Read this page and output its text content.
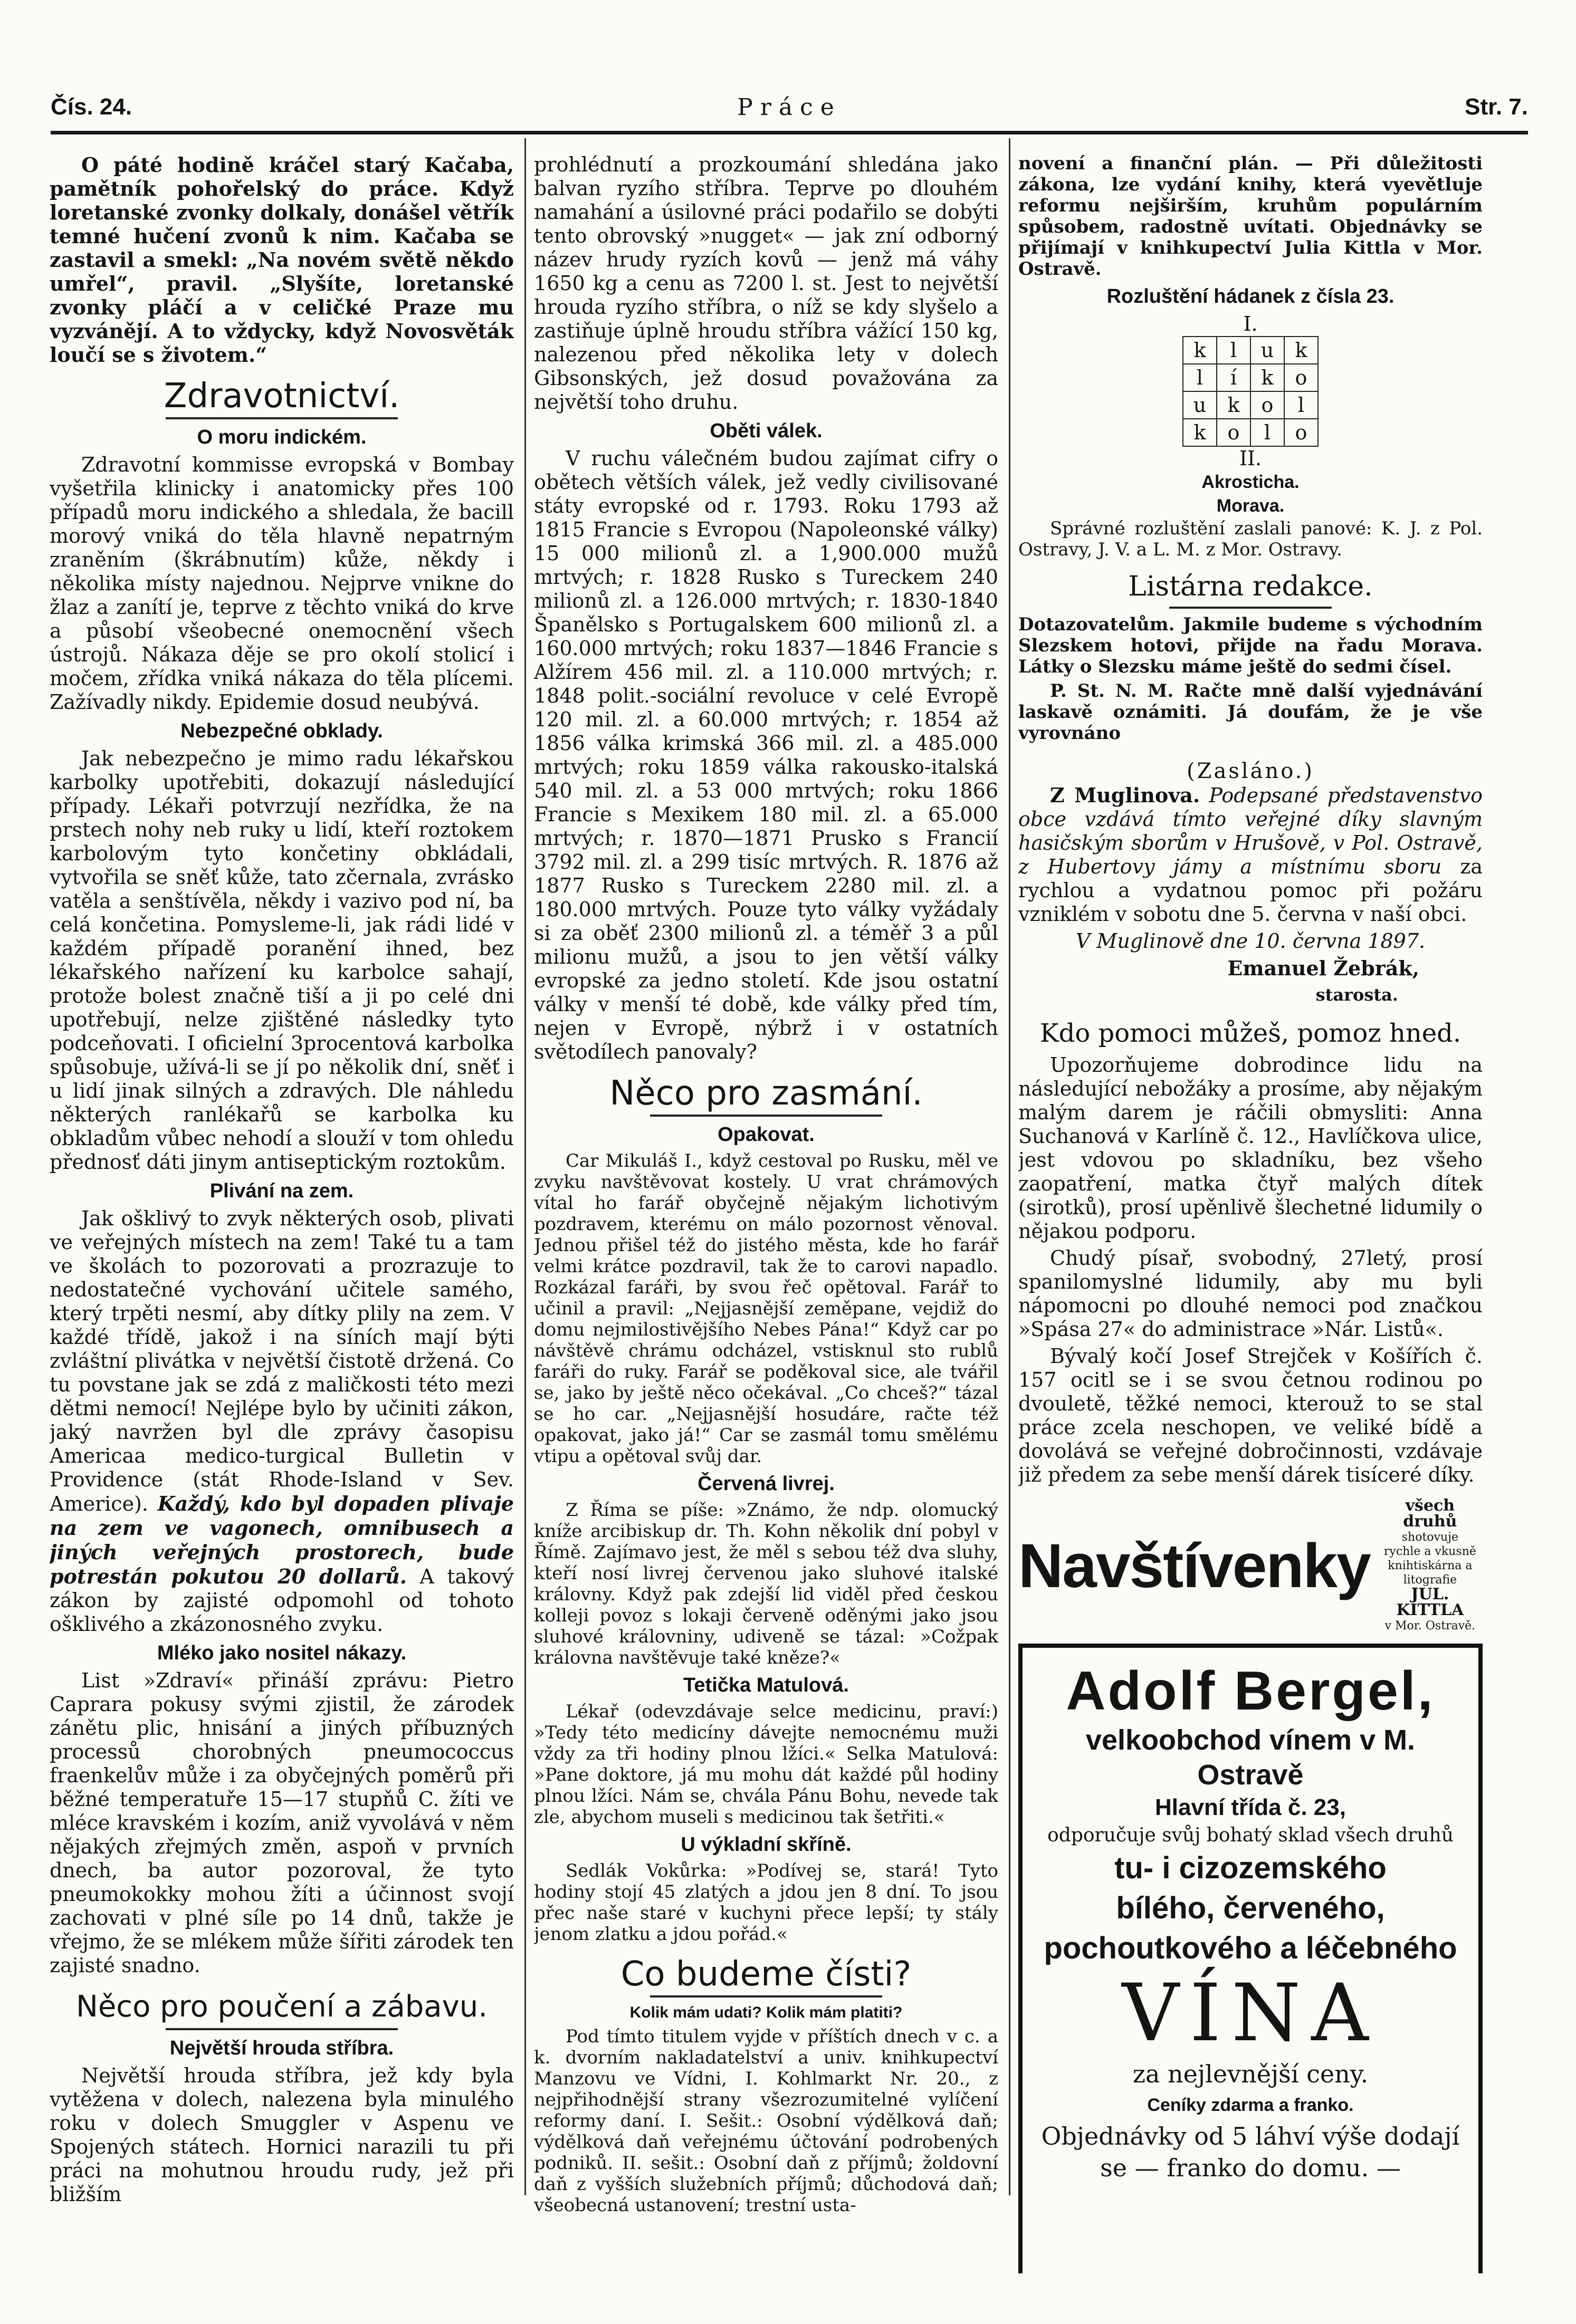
Čís. 24.	Práce	Str. 7.

O páté hodině kráčel starý Kačaba, pamětník pohořelský do práce. Když loretanské zvonky dolkaly, donášel větřík temné hučení zvonů k nim. Kačaba se zastavil a smekl: „Na novém světě někdo umřel“, pravil. „Slyšíte, loretanské zvonky pláčí a v celičké Praze mu vyzvánějí. A to vždycky, když Novosvěták loučí se s životem.“

Zdravotnictví.
O moru indickém.

Zdravotní kommisse evropská v Bombay vyšetřila klinicky i anatomicky přes 100 případů moru indického a shledala, že bacill morový vniká do těla hlavně nepatrným zraněním (škrábnutím) kůže, někdy i několika místy najednou. Nejprve vnikne do žlaz a zanítí je, teprve z těchto vniká do krve a působí všeobecné onemocnění všech ústrojů. Nákaza děje se pro okolí stolicí i močem, zřídka vniká nákaza do těla plícemi. Zažívadly nikdy. Epidemie dosud neubývá.

Nebezpečné obklady.

Jak nebezpečno je mimo radu lékařskou karbolky upotřebiti, dokazují následující případy. Lékaři potvrzují nezřídka, že na prstech nohy neb ruky u lidí, kteří roztokem karbolovým tyto končetiny obkládali, vytvořila se sněť kůže, tato zčernala, zvrásko vatěla a senštívěla, někdy i vazivo pod ní, ba celá končetina. Pomysleme-li, jak rádi lidé v každém případě poranění ihned, bez lékařského nařízení ku karbolce sahají, protože bolest značně tiší a ji po celé dni upotřebují, nelze zjištěné následky tyto podceňovati. I oficielní 3procentová karbolka spůsobuje, užívá-li se jí po několik dní, sněť i u lidí jinak silných a zdravých. Dle náhledu některých ranlékařů se karbolka ku obkladům vůbec nehodí a slouží v tom ohledu přednosť dáti jinym antiseptickým roztokům.

Plivání na zem.

Jak ošklivý to zvyk některých osob, plivati ve veřejných místech na zem! Také tu a tam ve školách to pozorovati a prozrazuje to nedostatečné vychování učitele samého, který trpěti nesmí, aby dítky plily na zem. V každé třídě, jakož i na síních mají býti zvláštní plivátka v největší čistotě držená. Co tu povstane jak se zdá z maličkosti této mezi dětmi nemocí! Nejlépe bylo by učiniti zákon, jaký navržen byl dle zprávy časopisu Americaa medico-turgical Bulletin v Providence (stát Rhode-Island v Sev. Americe). Každý, kdo byl dopaden plivaje na zem ve vagonech, omnibusech a jiných veřejných prostorech, bude potrestán pokutou 20 dollarů. A takový zákon by zajisté odpomohl od tohoto ošklivého a zkázonosného zvyku.

Mléko jako nositel nákazy.

List »Zdraví« přináší zprávu: Pietro Caprara pokusy svými zjistil, že zárodek zánětu plic, hnisání a jiných příbuzných processů chorobných pneumococcus fraenkelův může i za obyčejných poměrů při běžné temperatuře 15—17 stupňů C. žíti ve mléce kravském i kozím, aniž vyvolává v něm nějakých zřejmých změn, aspoň v prvních dnech, ba autor pozoroval, že tyto pneumokokky mohou žíti a účinnost svojí zachovati v plné síle po 14 dnů, takže je vřejmo, že se mlékem může šířiti zárodek ten zajisté snadno.

Něco pro poučení a zábavu.
Největší hrouda stříbra.

Největší hrouda stříbra, jež kdy byla vytěžena v dolech, nalezena byla minulého roku v dolech Smuggler v Aspenu ve Spojených státech. Hornici narazili tu při práci na mohutnou hroudu rudy, jež při bližším

prohlédnutí a prozkoumání shledána jako balvan ryzího stříbra. Teprve po dlouhém namahání a úsilovné práci podařilo se dobýti tento obrovský »nugget« — jak zní odborný název hrudy ryzích kovů — jenž má váhy 1650 kg a cenu as 7200 l. st. Jest to největší hrouda ryzího stříbra, o níž se kdy slyšelo a zastiňuje úplně hroudu stříbra vážící 150 kg, nalezenou před několika lety v dolech Gibsonských, jež dosud považována za největší toho druhu.

Oběti válek.

V ruchu válečném budou zajímat cifry o obětech větších válek, jež vedly civilisované státy evropské od r. 1793. Roku 1793 až 1815 Francie s Evropou (Napoleonské války) 15 000 milionů zl. a 1,900.000 mužů mrtvých; r. 1828 Rusko s Tureckem 240 milionů zl. a 126.000 mrtvých; r. 1830-1840 Španělsko s Portugalskem 600 milionů zl. a 160.000 mrtvých; roku 1837—1846 Francie s Alžírem 456 mil. zl. a 110.000 mrtvých; r. 1848 polit.-sociální revoluce v celé Evropě 120 mil. zl. a 60.000 mrtvých; r. 1854 až 1856 válka krimská 366 mil. zl. a 485.000 mrtvých; roku 1859 válka rakousko-italská 540 mil. zl. a 53 000 mrtvých; roku 1866 Francie s Mexikem 180 mil. zl. a 65.000 mrtvých; r. 1870—1871 Prusko s Francií 3792 mil. zl. a 299 tisíc mrtvých. R. 1876 až 1877 Rusko s Tureckem 2280 mil. zl. a 180.000 mrtvých. Pouze tyto války vyžádaly si za oběť 2300 milionů zl. a téměř 3 a půl milionu mužů, a jsou to jen větší války evropské za jedno století. Kde jsou ostatní války v menší té době, kde války před tím, nejen v Evropě, nýbrž i v ostatních světodílech panovaly?

Něco pro zasmání.
Opakovat.

Car Mikuláš I., když cestoval po Rusku, měl ve zvyku navštěvovat kostely. U vrat chrámových vítal ho farář obyčejně nějakým lichotivým pozdravem, kterému on málo pozornost věnoval. Jednou přišel též do jistého města, kde ho farář velmi krátce pozdravil, tak že to carovi napadlo. Rozkázal faráři, by svou řeč opětoval. Farář to učinil a pravil: „Nejjasnější zeměpane, vejdiž do domu nejmilostivějšího Nebes Pána!“ Když car po návštěvě chrámu odcházel, vstisknul sto rublů faráři do ruky. Farář se poděkoval sice, ale tvářil se, jako by ještě něco očekával. „Co chceš?“ tázal se ho car. „Nejjasnější hosudáre, račte též opakovat, jako já!“ Car se zasmál tomu smělému vtipu a opětoval svůj dar.

Červená livrej.

Z Říma se píše: »Známo, že ndp. olomucký kníže arcibiskup dr. Th. Kohn několik dní pobyl v Římě. Zajímavo jest, že měl s sebou též dva sluhy, kteří nosí livrej červenou jako sluhové italské královny. Když pak zdejší lid viděl před českou kolleji povoz s lokaji červeně oděnými jako jsou sluhové královniny, udiveně se tázal: »Cožpak královna navštěvuje také kněze?«

Tetička Matulová.

Lékař (odevzdávaje selce medicinu, praví:) »Tedy této medicíny dávejte nemocnému muži vždy za tři hodiny plnou lžíci.« Selka Matulová: »Pane doktore, já mu mohu dát každé půl hodiny plnou lžíci. Nám se, chvála Pánu Bohu, nevede tak zle, abychom museli s medicinou tak šetřiti.«

U výkladní skříně.

Sedlák Vokůrka: »Podívej se, stará! Tyto hodiny stojí 45 zlatých a jdou jen 8 dní. To jsou přec naše staré v kuchyni přece lepší; ty stály jenom zlatku a jdou pořád.«

Co budeme čísti?
Kolik mám udati? Kolik mám platiti?

Pod tímto titulem vyjde v příštích dnech v c. a k. dvorním nakladatelství a univ. knihkupectví Manzovu ve Vídni, I. Kohlmarkt Nr. 20., z nejpřihodnější strany všezrozumitelné vylíčení reformy daní. I. Sešit.: Osobní výdělková daň; výdělková daň veřejnému účtování podrobených podniků. II. sešit.: Osobní daň z příjmů; žoldovní daň z vyšších služebních příjmů; důchodová daň; všeobecná ustanovení; trestní usta-

novení a finanční plán. — Při důležitosti zákona, lze vydání knihy, která vyevětluje reformu nejširším, kruhům populárním spůsobem, radostně uvítati. Objednávky se přijímají v knihkupectví Julia Kittla v Mor. Ostravě.

Rozluštění hádanek z čísla 23.
I.
k	l	u	k
l	í	k	o
u	k	o	l
k	o	l	o
II.
Akrosticha.
Morava.

Správné rozluštění zaslali panové: K. J. z Pol. Ostravy, J. V. a L. M. z Mor. Ostravy.

Listárna redakce.

Dotazovatelům. Jakmile budeme s východním Slezskem hotovi, přijde na řadu Morava. Látky o Slezsku máme ještě do sedmi čísel.

P. St. N. M. Račte mně další vyjednávání laskavě oznámiti. Já doufám, že je vše vyrovnáno

(Zasláno.)

Z Muglinova. Podepsané představenstvo obce vzdává tímto veřejné díky slavným hasičským sborům v Hrušově, v Pol. Ostravě, z Hubertovy jámy a místnímu sboru za rychlou a vydatnou pomoc při požáru vzniklém v sobotu dne 5. června v naší obci.

V Muglinově dne 10. června 1897.

Emanuel Žebrák,

starosta.

Kdo pomoci můžeš, pomoz hned.

Upozorňujeme dobrodince lidu na následující nebožáky a prosíme, aby nějakým malým darem je ráčili obmysliti: Anna Suchanová v Karlíně č. 12., Havlíčkova ulice, jest vdovou po skladníku, bez všeho zaopatření, matka čtyř malých dítek (sirotků), prosí upěnlivě šlechetné lidumily o nějakou podporu.

Chudý písař, svobodný, 27letý, prosí spanilomyslné lidumily, aby mu byli nápomocni po dlouhé nemoci pod značkou »Spása 27« do administrace »Nár. Listů«.

Bývalý kočí Josef Strejček v Košířích č. 157 ocitl se i se svou četnou rodinou po dvouletě, těžké nemoci, kterouž to se stal práce zcela neschopen, ve veliké bídě a dovolává se veřejné dobročinnosti, vzdávaje již předem za sebe menší dárek tisíceré díky.

Navštívenky
všech druhů
shotovuje
rychle a vkusně
knihtiskárna a litografie
JUL. KITTLA
v Mor. Ostravě.
Adolf Bergel,
velkoobchod vínem v M. Ostravě
Hlavní třída č. 23,
odporučuje svůj bohatý sklad všech druhů
tu- i cizozemského
bílého, červeného, pochoutkového a léčebného
VÍNA
za nejlevnější ceny.
Ceníky zdarma a franko.
Objednávky od 5 láhví výše dodají se — franko do domu. —
